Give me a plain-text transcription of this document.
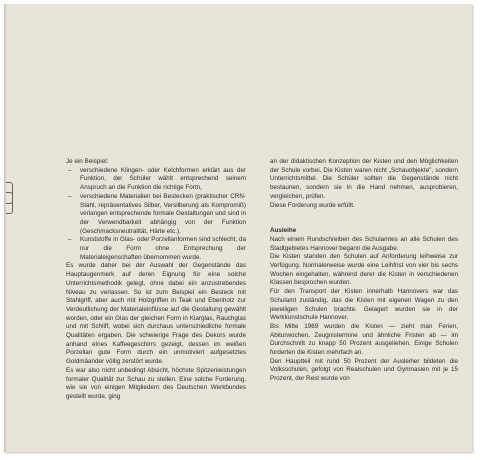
Je ein Beispiel:

– verschiedene Klingen- oder Kelchformen erklärt aus der Funktion, der Schüler wählt entsprechend seinem Anspruch an die Funktion die richtige Form,
– verschiedene Materialien bei Bestecken (praktischer CRN-Stahl, repräsentatives Silber, Versilberung als Kompromiß) verlangen entsprechende formale Gestaltungen und sind in der Verwendbarkeit abhängig von der Funktion (Geschmacksneutralität, Härte etc.).
– Kunststoffe in Glas- oder Porzellanformen sind schlecht, da nur die Form ohne Entsprechung der Materialeigenschaften übernommen wurde.

Es wurde daher bei der Auswahl der Gegenstände das Hauptaugenmerk auf deren Eignung für eine solche Unterrichtsmethodik gelegt, ohne dabei ein anzustrebendes Niveau zu verlassen. So ist zum Beispiel ein Besteck mit Stahlgriff, aber auch mit Holzgriffen in Teak und Ebenholz zur Verdeutlichung der Materialeinflüsse auf die Gestaltung gewählt worden, oder ein Glas der gleichen Form in Klarglas, Rauchglas und mit Schliff, wobei sich durchaus unterschiedliche formale Qualitäten ergaben. Die schwierige Frage des Dekors wurde anhand eines Kaffeegeschirrs gezeigt, dessen im weißen Porzellan gute Form durch ein unmotiviert aufgesetztes Goldmäander völlig zerstört wurde.

Es war also nicht unbedingt Absicht, höchste Spitzenleistungen formaler Qualität zur Schau zu stellen. Eine solche Forderung, wie sie von einigen Mitgliedern des Deutschen Werkbundes gestellt wurde, ging

an der didaktischen Konzeption der Kisten und den Möglichkeiten der Schule vorbei. Die Kisten waren nicht „Schauobjekte", sondern Unterrichtsmittel. Die Schüler sollten die Gegenstände nicht bestaunen, sondern sie in die Hand nehmen, ausprobieren, vergleichen, prüfen.

Diese Forderung wurde erfüllt.

Ausleihe

Nach einem Rundschreiben des Schulamtes an alle Schulen des Stadtgebietes Hannover begann die Ausgabe.

Die Kisten standen den Schulen auf Anforderung leihweise zur Verfügung. Normalerweise wurde eine Leihfrist von vier bis sechs Wochen eingehalten, während derer die Kisten in verschiedenen Klassen besprochen wurden.

Für den Transport der Kisten innerhalb Hannovers war das Schulamt zuständig, das die Kisten mit eigenen Wagen zu den jeweiligen Schulen brachte. Gelagert wurden sie in der Werkkunstschule Hannover.

Bis Mitte 1969 wurden die Kisten — zieht man Ferien, Abiturwochen, Zeugnistermine und ähnliche Fristen ab — im Durchschnitt zu knapp 50 Prozent ausgeliehen. Einige Schulen forderten die Kisten mehrfach an.

Den Hauptteil mit rund 50 Prozent der Ausleiher bildeten die Volksschulen, gefolgt von Realschulen und Gymnasien mit je 15 Prozent, der Rest wurde von
